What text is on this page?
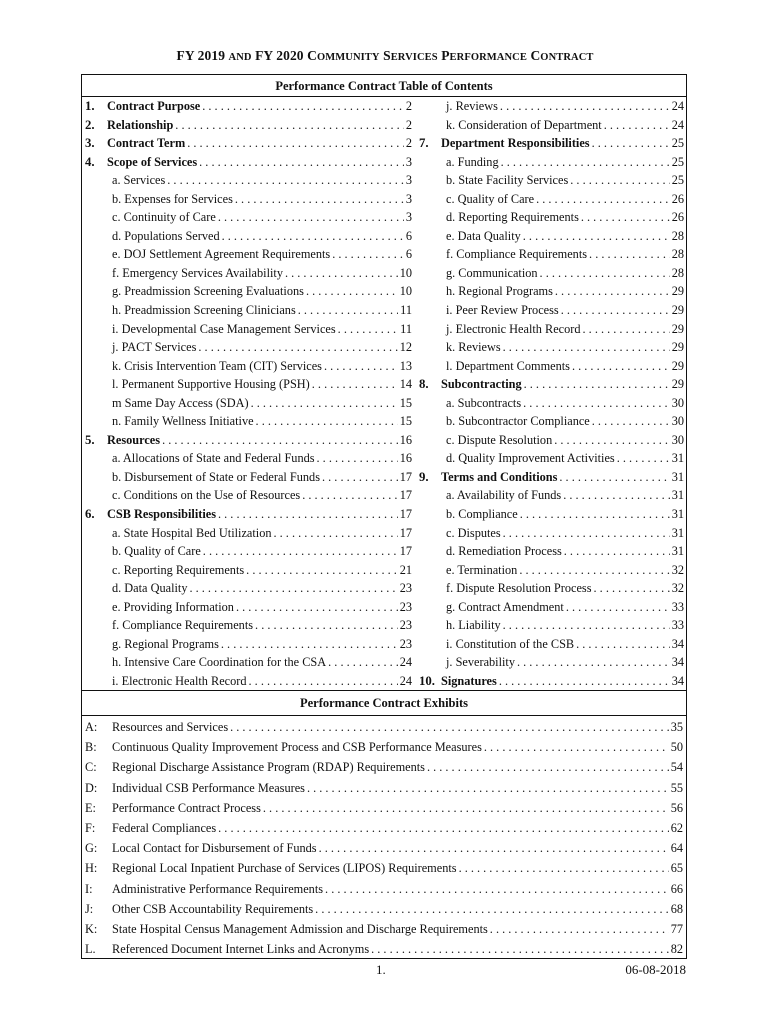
FY 2019 AND FY 2020 COMMUNITY SERVICES PERFORMANCE CONTRACT
Performance Contract Table of Contents
1.	Contract Purpose . . .	2
2.	Relationship . . .	2
3.	Contract Term . . .	2
4.	Scope of Services . . .	3
a. Services . . .	3
b. Expenses for Services . . .	3
c. Continuity of Care . . .	3
d. Populations Served . . .	6
e. DOJ Settlement Agreement Requirements . . .	6
f. Emergency Services Availability . . .	10
g. Preadmission Screening Evaluations . . .	10
h. Preadmission Screening Clinicians . . .	11
i. Developmental Case Management Services . . .	11
j. PACT Services . . .	12
k. Crisis Intervention Team (CIT) Services . . .	13
l. Permanent Supportive Housing (PSH) . . .	14
m Same Day Access (SDA) . . .	15
n. Family Wellness Initiative . . .	15
5.	Resources . . .	16
a. Allocations of State and Federal Funds . . .	16
b. Disbursement of State or Federal Funds . . .	17
c. Conditions on the Use of Resources . . .	17
6.	CSB Responsibilities . . .	17
a. State Hospital Bed Utilization . . .	17
b. Quality of Care . . .	17
c. Reporting Requirements . . .	21
d. Data Quality . . .	23
e. Providing Information . . .	23
f. Compliance Requirements . . .	23
g. Regional Programs . . .	23
h. Intensive Care Coordination for the CSA . . .	24
i. Electronic Health Record . . .	24
j. Reviews . . .	24
k. Consideration of Department . . .	24
7.	Department Responsibilities . . .	25
a. Funding . . .	25
b. State Facility Services . . .	25
c. Quality of Care . . .	26
d. Reporting Requirements . . .	26
e. Data Quality . . .	28
f. Compliance Requirements . . .	28
g. Communication . . .	28
h. Regional Programs . . .	29
i. Peer Review Process . . .	29
j. Electronic Health Record . . .	29
k. Reviews . . .	29
l. Department Comments . . .	29
8.	Subcontracting . . .	29
a. Subcontracts . . .	30
b. Subcontractor Compliance . . .	30
c. Dispute Resolution . . .	30
d. Quality Improvement Activities . . .	31
9.	Terms and Conditions . . .	31
a. Availability of Funds . . .	31
b. Compliance . . .	31
c. Disputes . . .	31
d. Remediation Process . . .	31
e. Termination . . .	32
f. Dispute Resolution Process . . .	32
g. Contract Amendment . . .	33
h. Liability . . .	33
i. Constitution of the CSB . . .	34
j. Severability . . .	34
10. Signatures . . .	34
Performance Contract Exhibits
A:	Resources and Services . . .	35
B:	Continuous Quality Improvement Process and CSB Performance Measures . . .	50
C:	Regional Discharge Assistance Program (RDAP) Requirements . . .	54
D:	Individual CSB Performance Measures . . .	55
E:	Performance Contract Process . . .	56
F:	Federal Compliances . . .	62
G:	Local Contact for Disbursement of Funds . . .	64
H:	Regional Local Inpatient Purchase of Services (LIPOS) Requirements . . .	65
I:	Administrative Performance Requirements . . .	66
J:	Other CSB Accountability Requirements . . .	68
K:	State Hospital Census Management Admission and Discharge Requirements . . .	77
L.	Referenced Document Internet Links and Acronyms . . .	82
1.	06-08-2018
